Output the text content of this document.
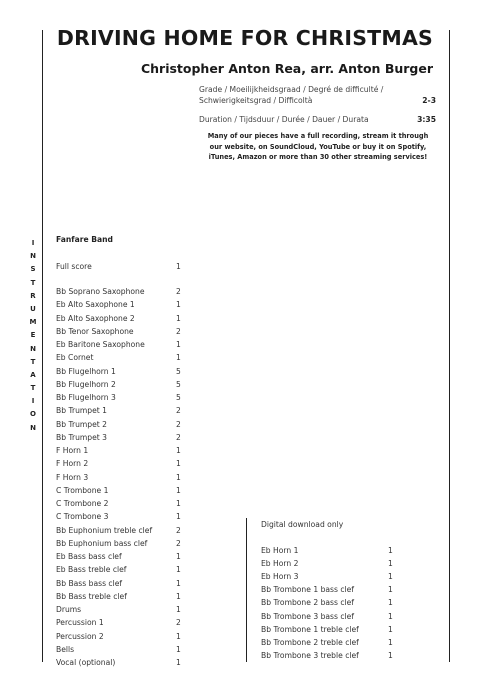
DRIVING HOME FOR CHRISTMAS
Christopher Anton Rea, arr. Anton Burger
Grade / Moeilijkheidsgraad / Degré de difficulté /
Schwierigkeitsgrad / Difficoltà	2-3
Duration / Tijdsduur / Durée / Dauer / Durata	3:35
Many of our pieces have a full recording, stream it through
our website, on SoundCloud, YouTube or buy it on Spotify,
iTunes, Amazon or more than 30 other streaming services!
I
N
S
T
R
U
M
E
N
T
A
T
I
O
N
Fanfare Band
Full score	1
Bb Soprano Saxophone	2
Eb Alto Saxophone 1	1
Eb Alto Saxophone 2	1
Bb Tenor Saxophone	2
Eb Baritone Saxophone	1
Eb Cornet	1
Bb Flugelhorn 1	5
Bb Flugelhorn 2	5
Bb Flugelhorn 3	5
Bb Trumpet 1	2
Bb Trumpet 2	2
Bb Trumpet 3	2
F Horn 1	1
F Horn 2	1
F Horn 3	1
C Trombone 1	1
C Trombone 2	1
C Trombone 3	1
Bb Euphonium treble clef	2
Bb Euphonium bass clef	2
Eb Bass bass clef	1
Eb Bass treble clef	1
Bb Bass bass clef	1
Bb Bass treble clef	1
Drums	1
Percussion 1	2
Percussion 2	1
Bells	1
Vocal (optional)	1
Digital download only
Eb Horn 1	1
Eb Horn 2	1
Eb Horn 3	1
Bb Trombone 1 bass clef	1
Bb Trombone 2 bass clef	1
Bb Trombone 3 bass clef	1
Bb Trombone 1 treble clef	1
Bb Trombone 2 treble clef	1
Bb Trombone 3 treble clef	1
